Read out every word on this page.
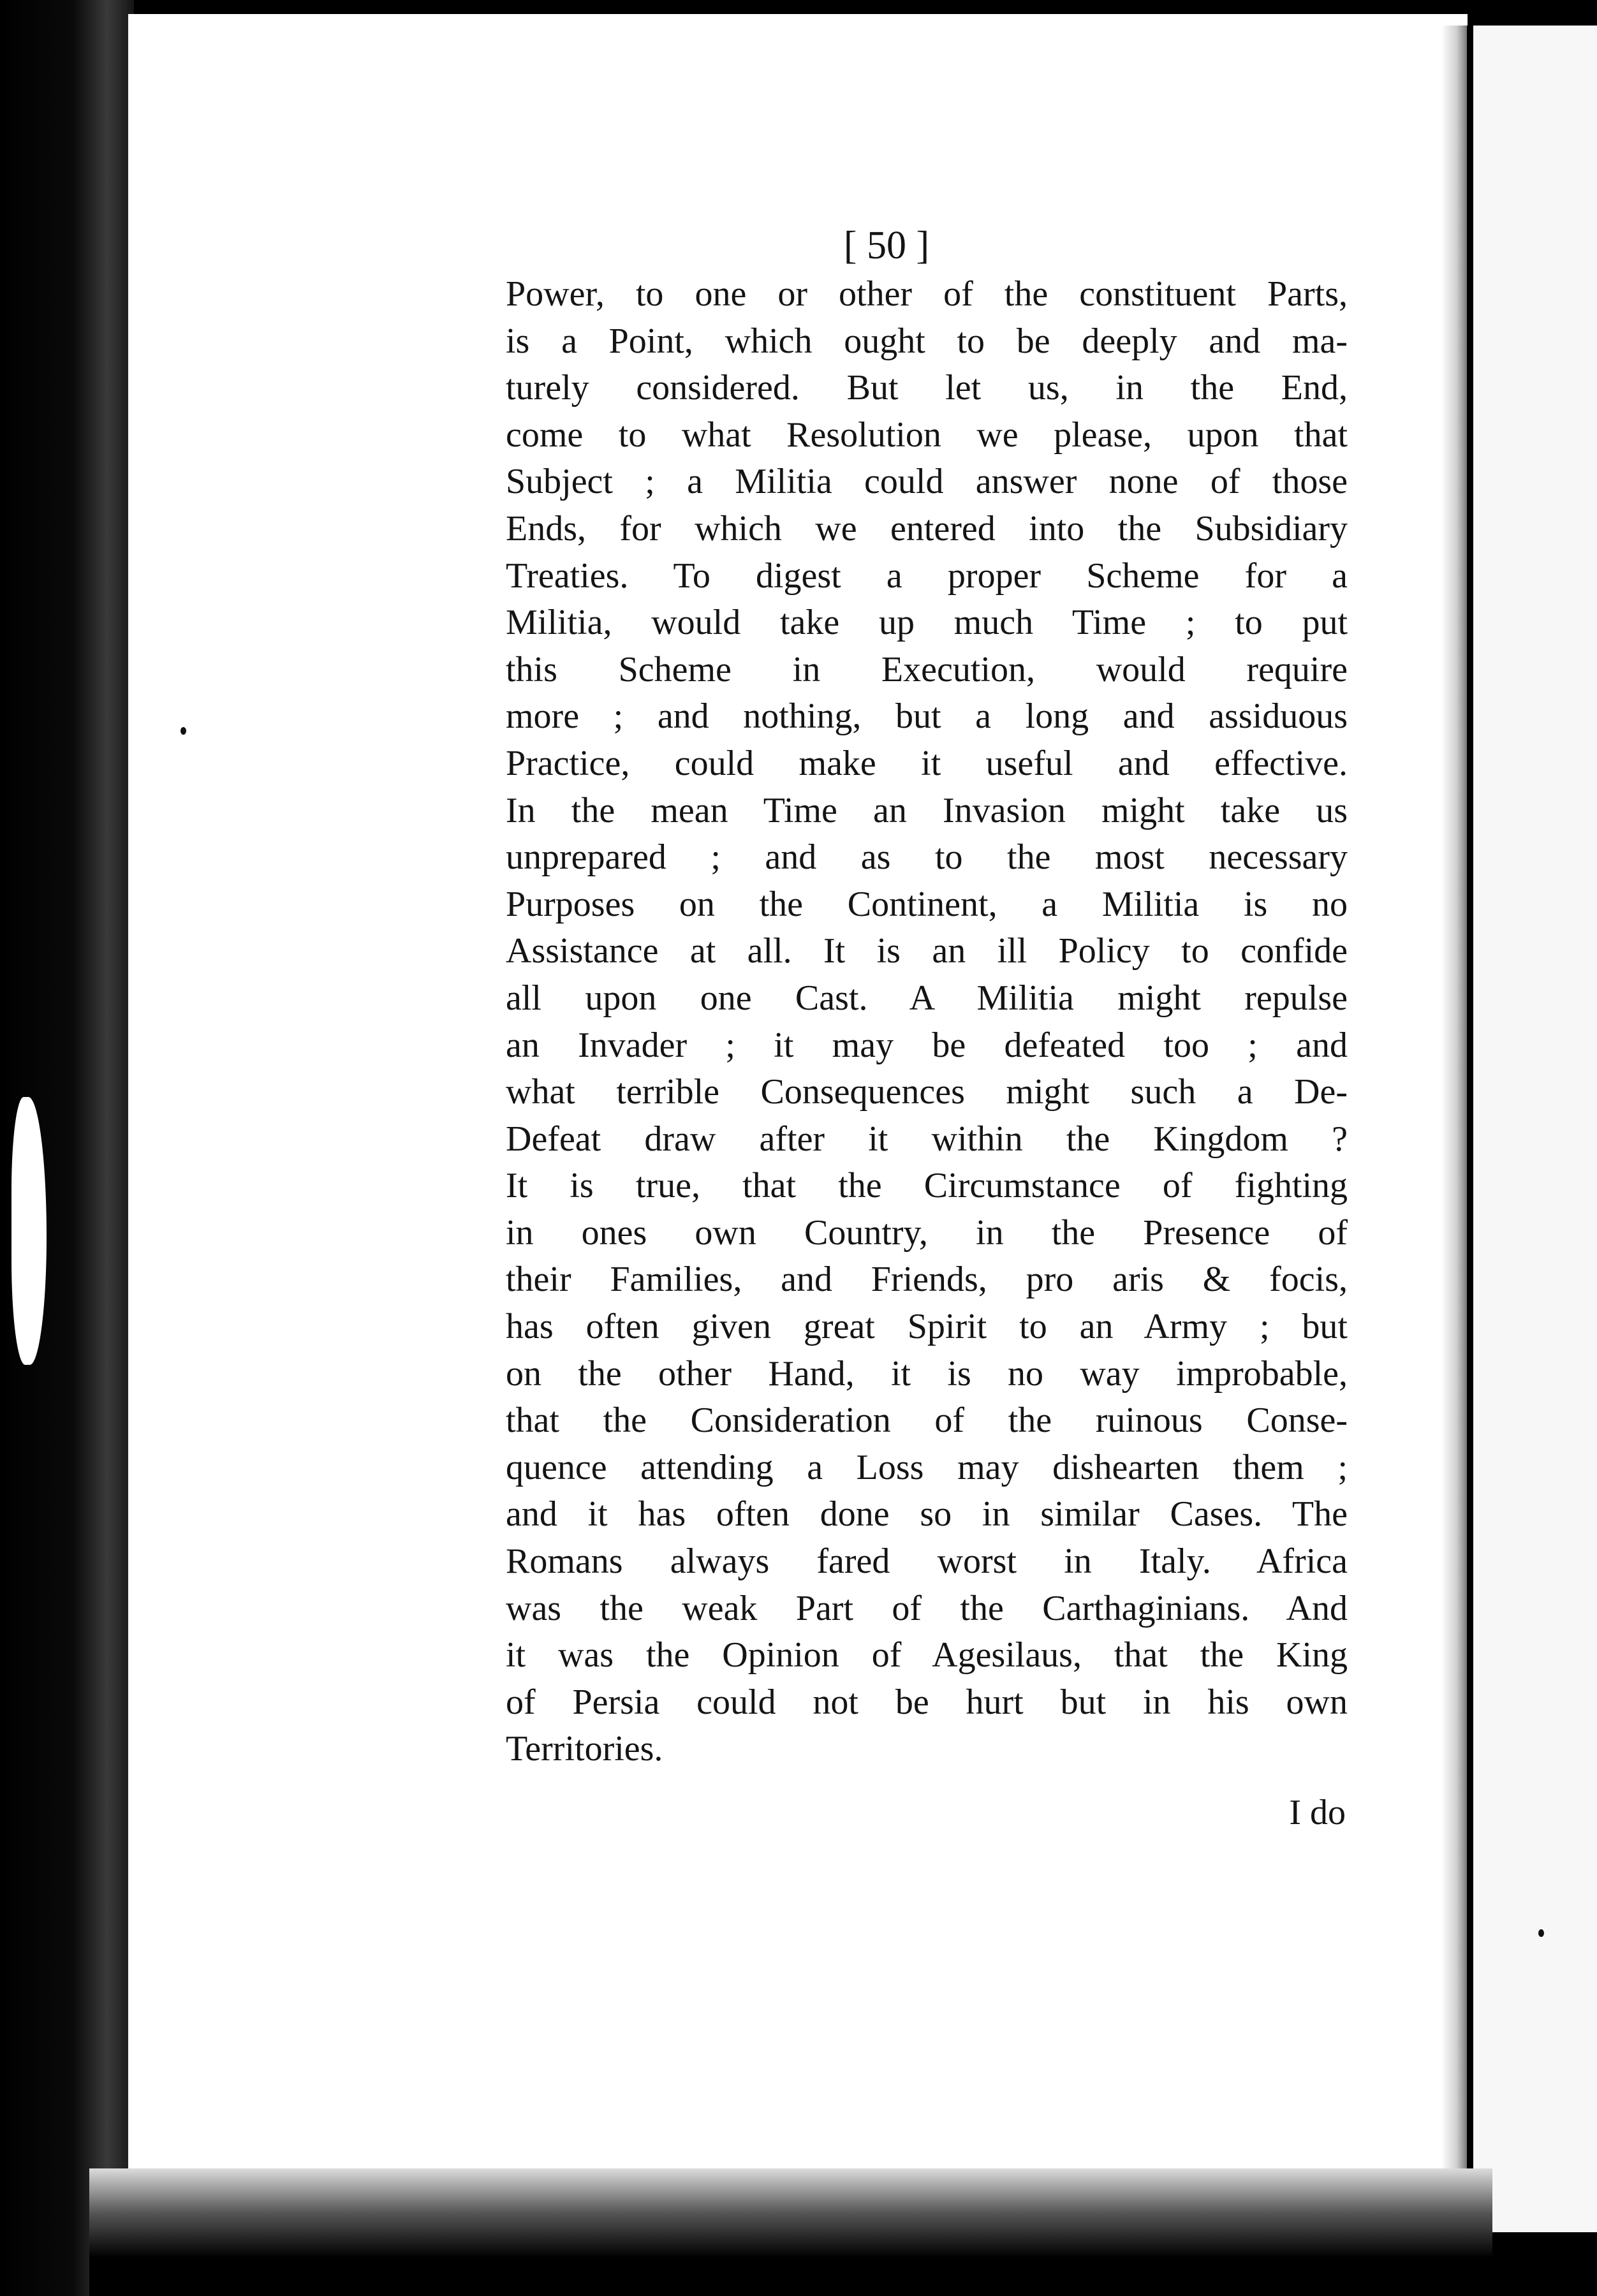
[ 50 ]
Power, to one or other of the constituent Parts,
is a Point, which ought to be deeply and ma-
turely considered. But let us, in the End,
come to what Resolution we please, upon that
Subject ; a Militia could answer none of those
Ends, for which we entered into the Subsidiary
Treaties. To digest a proper Scheme for a
Militia, would take up much Time ; to put
this Scheme in Execution, would require
more ; and nothing, but a long and assiduous
Practice, could make it useful and effective.
In the mean Time an Invasion might take us
unprepared ; and as to the most necessary
Purposes on the Continent, a Militia is no
Assistance at all. It is an ill Policy to confide
all upon one Cast. A Militia might repulse
an Invader ; it may be defeated too ; and
what terrible Consequences might such a De-
Defeat draw after it within the Kingdom ?
It is true, that the Circumstance of fighting
in ones own Country, in the Presence of
their Families, and Friends, pro aris & focis,
has often given great Spirit to an Army ; but
on the other Hand, it is no way improbable,
that the Consideration of the ruinous Conse-
quence attending a Loss may dishearten them ;
and it has often done so in similar Cases. The
Romans always fared worst in Italy. Africa
was the weak Part of the Carthaginians. And
it was the Opinion of Agesilaus, that the King
of Persia could not be hurt but in his own
Territories.
I do
